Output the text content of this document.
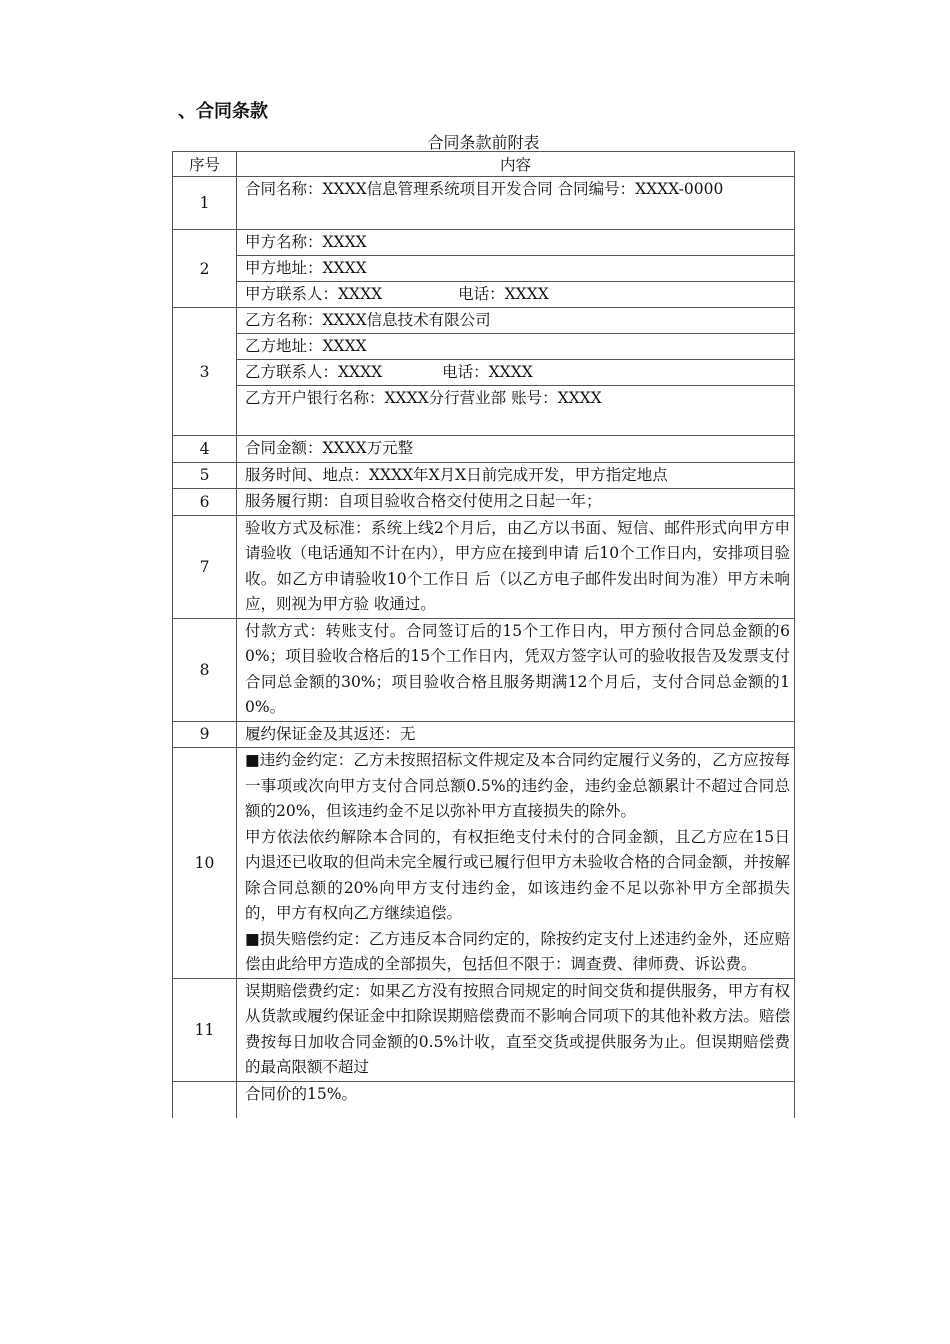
、合同条款
合同条款前附表
序号	内容
1	合同名称：XXXX信息管理系统项目开发合同 合同编号：XXXX-0000
2	甲方名称：XXXX
	甲方地址：XXXX
	甲方联系人：XXXX 电话：XXXX
3	乙方名称：XXXX信息技术有限公司
	乙方地址：XXXX
	乙方联系人：XXXX 电话：XXXX
	乙方开户银行名称：XXXX分行营业部 账号：XXXX
4	合同金额：XXXX万元整
5	服务时间、地点：XXXX年X月X日前完成开发，甲方指定地点
6	服务履行期：自项目验收合格交付使用之日起一年；
7	验收方式及标准：系统上线2个月后，由乙方以书面、短信、邮件形式向甲方申请验收（电话通知不计在内），甲方应在接到申请 后10个工作日内，安排项目验收。如乙方申请验收10个工作日 后（以乙方电子邮件发出时间为准）甲方未响应，则视为甲方验 收通过。
8	付款方式：转账支付。合同签订后的15个工作日内，甲方预付合同总金额的60%；项目验收合格后的15个工作日内，凭双方签字认可的验收报告及发票支付合同总金额的30%；项目验收合格且服务期满12个月后，支付合同总金额的10%。
9	履约保证金及其返还：无
10	■违约金约定：乙方未按照招标文件规定及本合同约定履行义务的，乙方应按每一事项或次向甲方支付合同总额0.5%的违约金，违约金总额累计不超过合同总额的20%，但该违约金不足以弥补甲方直接损失的除外。
甲方依法依约解除本合同的，有权拒绝支付未付的合同金额，且乙方应在15日内退还已收取的但尚未完全履行或已履行但甲方未验收合格的合同金额，并按解除合同总额的20%向甲方支付违约金，如该违约金不足以弥补甲方全部损失的，甲方有权向乙方继续追偿。
■损失赔偿约定：乙方违反本合同约定的，除按约定支付上述违约金外，还应赔偿由此给甲方造成的全部损失，包括但不限于：调查费、律师费、诉讼费。

11	误期赔偿费约定：如果乙方没有按照合同规定的时间交货和提供服务，甲方有权从货款或履约保证金中扣除误期赔偿费而不影响合同项下的其他补救方法。赔偿费按每日加收合同金额的0.5%计收，直至交货或提供服务为止。但误期赔偿费的最高限额不超过
	合同价的15%。
